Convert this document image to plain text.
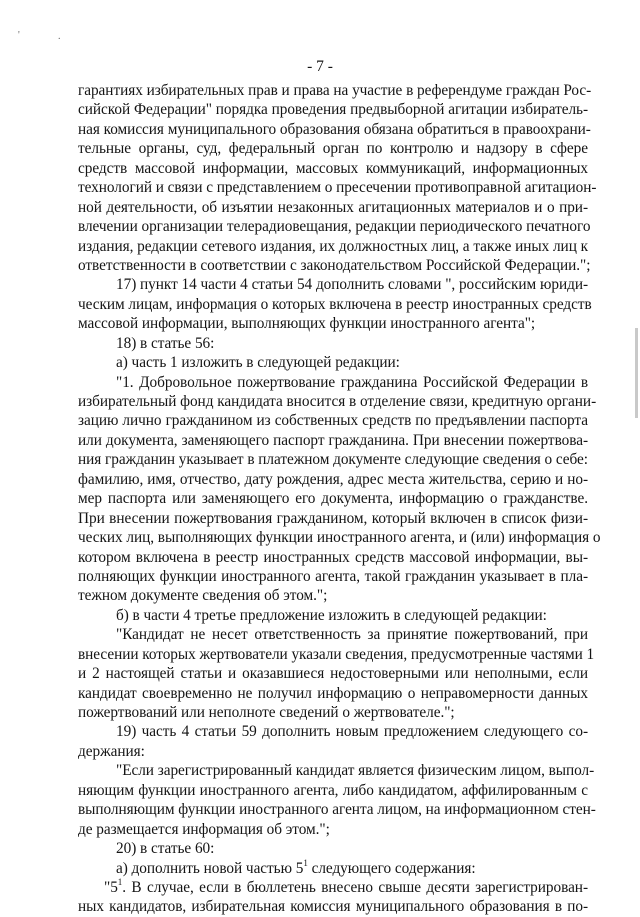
'	.

- 7 -

гарантиях избирательных прав и права на участие в референдуме граждан Рос-
сийской Федерации" порядка проведения предвыборной агитации избиратель-
ная комиссия муниципального образования обязана обратиться в правоохрани-
тельные органы, суд, федеральный орган по контролю и надзору в сфере
средств массовой информации, массовых коммуникаций, информационных
технологий и связи с представлением о пресечении противоправной агитацион-
ной деятельности, об изъятии незаконных агитационных материалов и о при-
влечении организации телерадиовещания, редакции периодического печатного
издания, редакции сетевого издания, их должностных лиц, а также иных лиц к
ответственности в соответствии с законодательством Российской Федерации.";
17) пункт 14 части 4 статьи 54 дополнить словами ", российским юриди-
ческим лицам, информация о которых включена в реестр иностранных средств
массовой информации, выполняющих функции иностранного агента";
18) в статье 56:
а) часть 1 изложить в следующей редакции:
"1. Добровольное пожертвование гражданина Российской Федерации в
избирательный фонд кандидата вносится в отделение связи, кредитную органи-
зацию лично гражданином из собственных средств по предъявлении паспорта
или документа, заменяющего паспорт гражданина. При внесении пожертвова-
ния гражданин указывает в платежном документе следующие сведения о себе:
фамилию, имя, отчество, дату рождения, адрес места жительства, серию и но-
мер паспорта или заменяющего его документа, информацию о гражданстве.
При внесении пожертвования гражданином, который включен в список физи-
ческих лиц, выполняющих функции иностранного агента, и (или) информация о
котором включена в реестр иностранных средств массовой информации, вы-
полняющих функции иностранного агента, такой гражданин указывает в пла-
тежном документе сведения об этом.";
б) в части 4 третье предложение изложить в следующей редакции:
"Кандидат не несет ответственность за принятие пожертвований, при
внесении которых жертвователи указали сведения, предусмотренные частями 1
и 2 настоящей статьи и оказавшиеся недостоверными или неполными, если
кандидат своевременно не получил информацию о неправомерности данных
пожертвований или неполноте сведений о жертвователе.";
19) часть 4 статьи 59 дополнить новым предложением следующего со-
держания:
"Если зарегистрированный кандидат является физическим лицом, выпол-
няющим функции иностранного агента, либо кандидатом, аффилированным с
выполняющим функции иностранного агента лицом, на информационном стен-
де размещается информация об этом.";
20) в статье 60:
а) дополнить новой частью $5^1$ следующего содержания:
"$5^1$. В случае, если в бюллетень внесено свыше десяти зарегистрирован-
ных кандидатов, избирательная комиссия муниципального образования в по-
